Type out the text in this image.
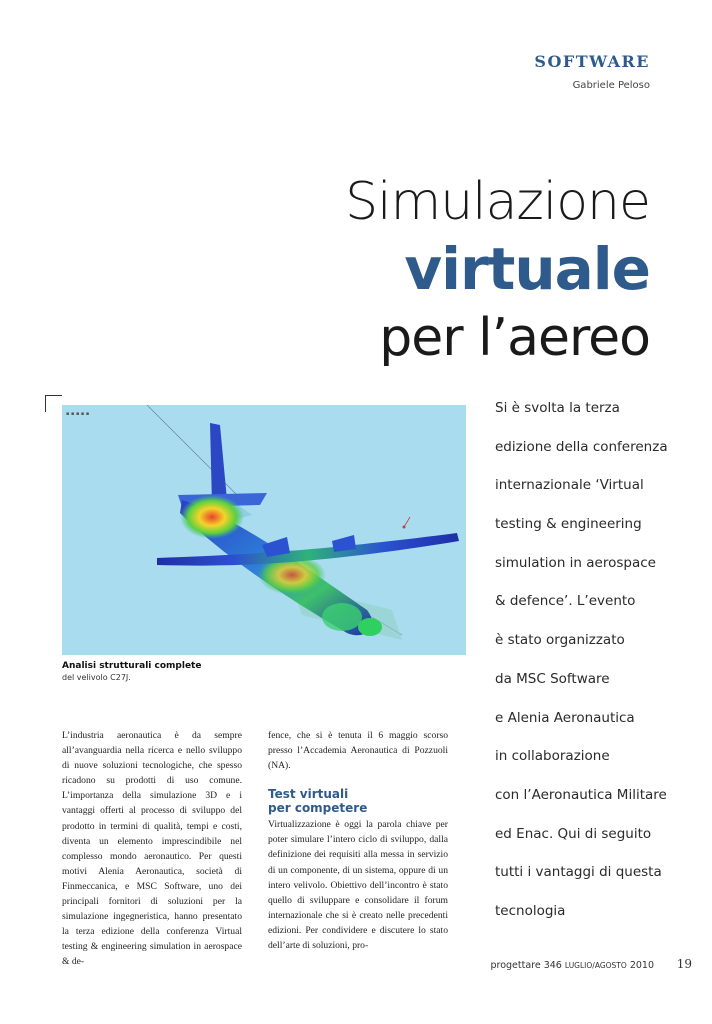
SOFTWARE
Gabriele Peloso
Simulazione
virtuale
per l’aereo
▪ ▪ ▪ ▪ ▪
Analisi strutturali complete
del velivolo C27J.
Si è svolta la terza
edizione della conferenza
internazionale ‘Virtual
testing & engineering
simulation in aerospace
& defence’. L’evento
è stato organizzato
da MSC Software
e Alenia Aeronautica
in collaborazione
con l’Aeronautica Militare
ed Enac. Qui di seguito
tutti i vantaggi di questa
tecnologia
L’industria aeronautica è da sempre all’avanguardia nella ricerca e nello sviluppo di nuove soluzioni tecnologiche, che spesso ricadono su prodotti di uso comune. L’importanza della simulazione 3D e i vantaggi offerti al processo di sviluppo del prodotto in termini di qualità, tempi e costi, diventa un elemento imprescindibile nel complesso mondo aeronautico. Per questi motivi Alenia Aeronautica, società di Finmeccanica, e MSC Software, uno dei principali fornitori di soluzioni per la simulazione ingegneristica, hanno presentato la terza edizione della conferenza Virtual testing & engineering simulation in aerospace & de-
fence, che si è tenuta il 6 maggio scorso presso l’Accademia Aeronautica di Pozzuoli (NA).
Test virtuali
per competere
Virtualizzazione è oggi la parola chiave per poter simulare l’intero ciclo di sviluppo, dalla definizione dei requisiti alla messa in servizio di un componente, di un sistema, oppure di un intero velivolo. Obiettivo dell’incontro è stato quello di sviluppare e consolidare il forum internazionale che si è creato nelle precedenti edizioni. Per condividere e discutere lo stato dell’arte di soluzioni, pro-
progettare 346 LUGLIO/AGOSTO 2010 19
